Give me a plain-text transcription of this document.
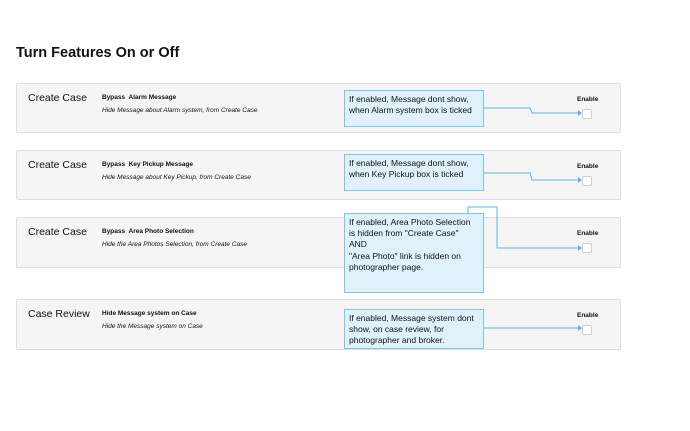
Turn Features On or Off
Create Case Bypass  Alarm Message
Hide Message about Alarm system, from Create Case
Enable
Create Case Bypass  Key Pickup Message
Hide Message about Key Pickup, from Create Case
Enable
Create Case Bypass  Area Photo Selection
Hide the Area Photos Selection, from Create Case
Enable
Case Review Hide Message system on Case
Hide the Message system on Case
Enable
If enabled, Message dont show,
when Alarm system box is ticked
If enabled, Message dont show,
when Key Pickup box is ticked
If enabled, Area Photo Selection
is hidden from "Create Case"
AND
"Area Photo" link is hidden on
photographer page.
If enabled, Message system dont
show, on case review, for
photographer and broker.
